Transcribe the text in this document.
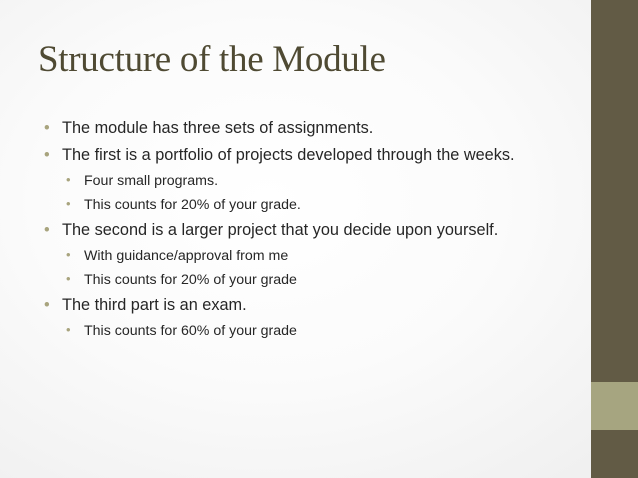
Structure of the Module
• The module has three sets of assignments.
• The first is a portfolio of projects developed through the weeks.
• Four small programs.
• This counts for 20% of your grade.
• The second is a larger project that you decide upon yourself.
• With guidance/approval from me
• This counts for 20% of your grade
• The third part is an exam.
• This counts for 60% of your grade
